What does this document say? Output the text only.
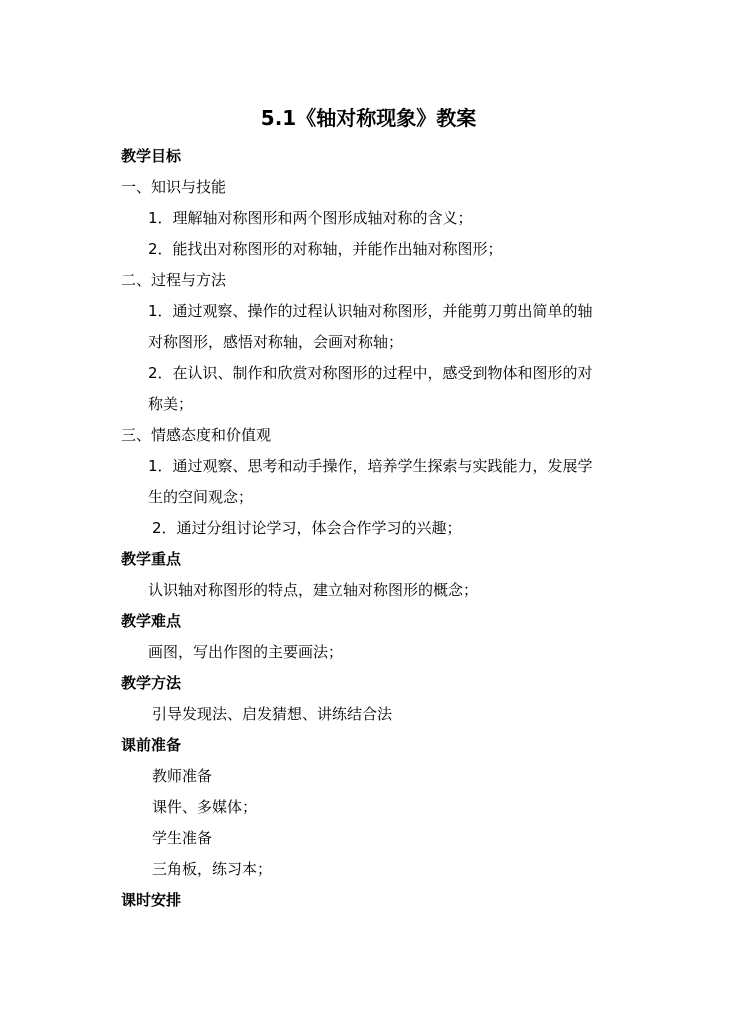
5.1《轴对称现象》教案
教学目标
一、知识与技能
1．理解轴对称图形和两个图形成轴对称的含义；
2．能找出对称图形的对称轴，并能作出轴对称图形；
二、过程与方法
1．通过观察、操作的过程认识轴对称图形，并能剪刀剪出简单的轴
对称图形，感悟对称轴，会画对称轴；
2．在认识、制作和欣赏对称图形的过程中，感受到物体和图形的对
称美；
三、情感态度和价值观
1．通过观察、思考和动手操作，培养学生探索与实践能力，发展学
生的空间观念；
2．通过分组讨论学习，体会合作学习的兴趣；
教学重点
认识轴对称图形的特点，建立轴对称图形的概念；
教学难点
画图，写出作图的主要画法；
教学方法
引导发现法、启发猜想、讲练结合法
课前准备
教师准备
课件、多媒体；
学生准备
三角板，练习本；
课时安排
